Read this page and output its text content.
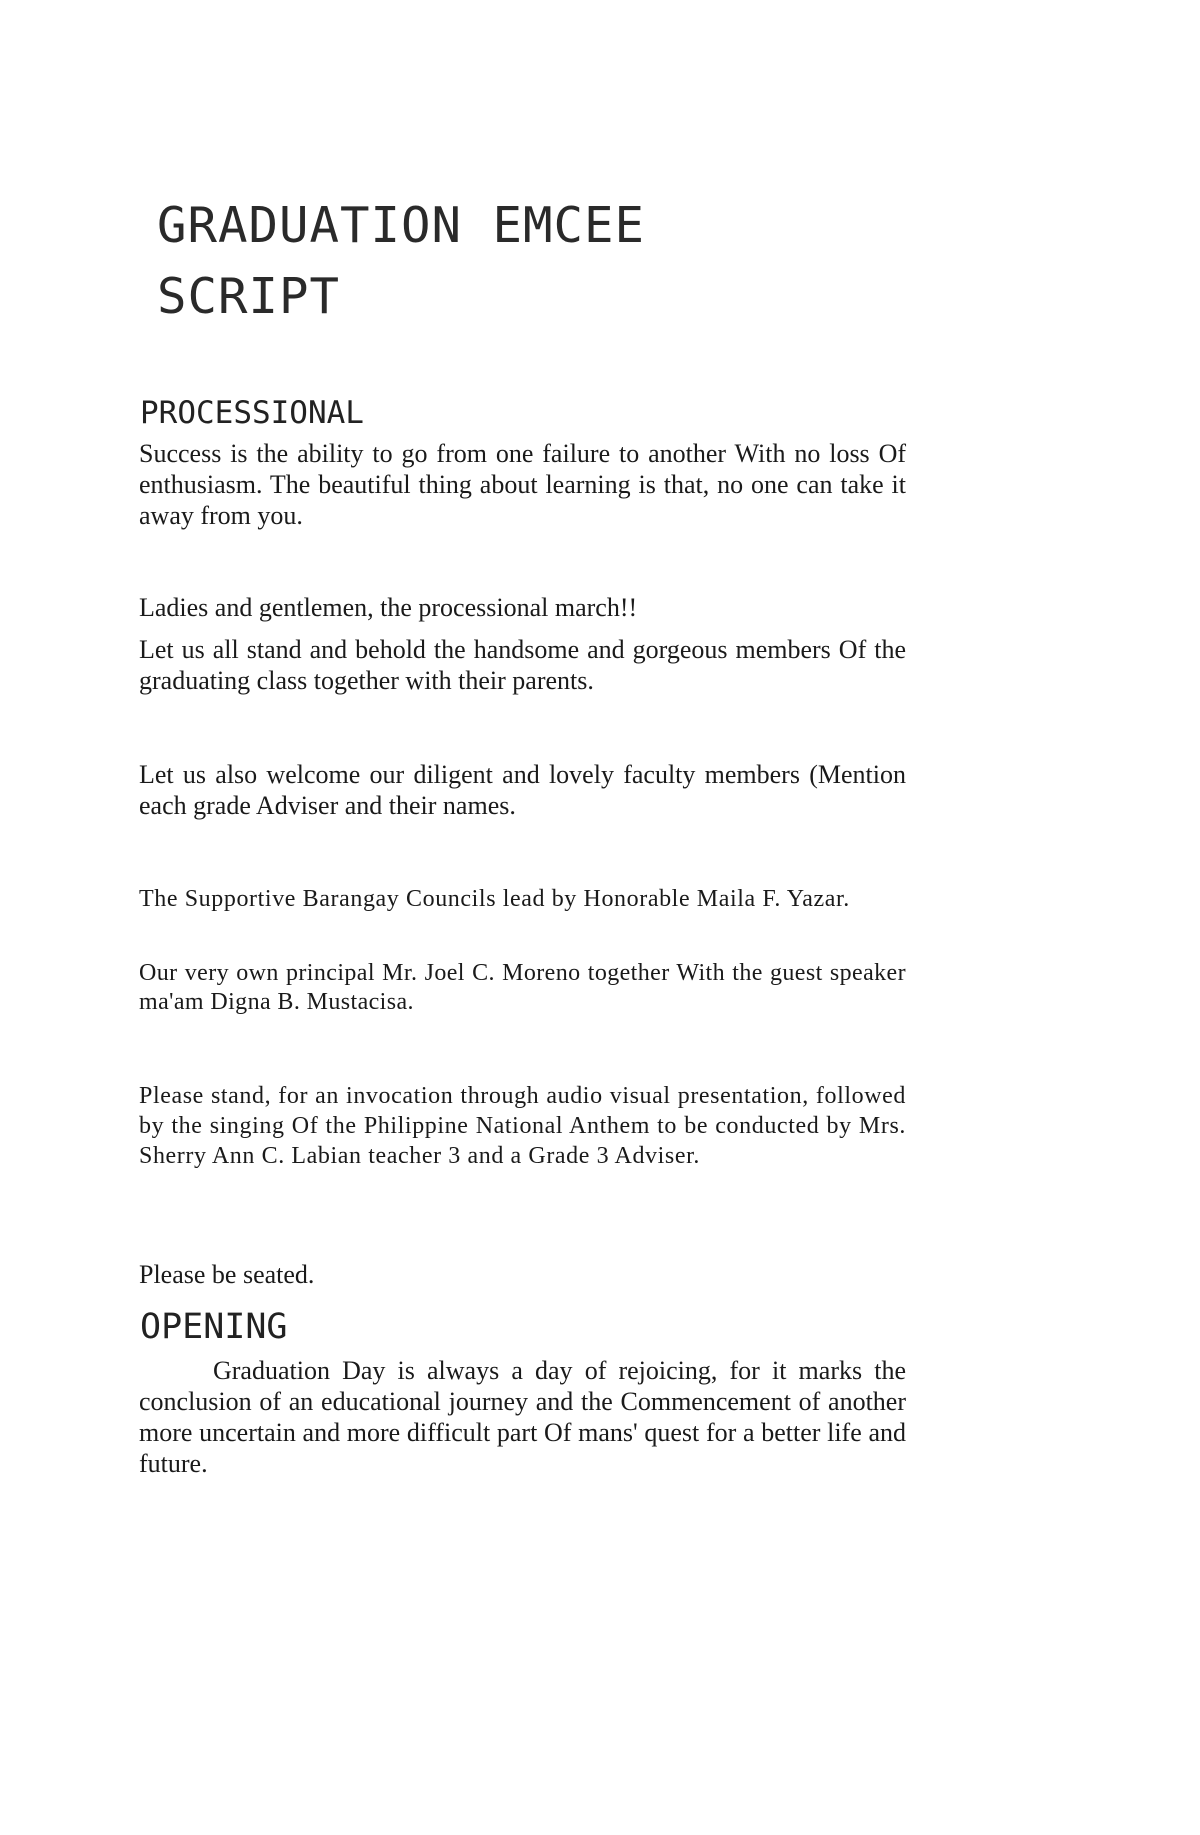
GRADUATION EMCEE
SCRIPT
PROCESSIONAL

Success is the ability to go from one failure to another With no loss Of enthusiasm. The beautiful thing about learning is that, no one can take it away from you.

Ladies and gentlemen, the processional march!!

Let us all stand and behold the handsome and gorgeous members Of the graduating class together with their parents.

Let us also welcome our diligent and lovely faculty members (Mention each grade Adviser and their names.

The Supportive Barangay Councils lead by Honorable Maila F. Yazar.

Our very own principal Mr. Joel C. Moreno together With the guest speaker ma'am Digna B. Mustacisa.

Please stand, for an invocation through audio visual presentation, followed by the singing Of the Philippine National Anthem to be conducted by Mrs. Sherry Ann C. Labian teacher 3 and a Grade 3 Adviser.

Please be seated.

OPENING

Graduation Day is always a day of rejoicing, for it marks the conclusion of an educational journey and the Commencement of another more uncertain and more difficult part Of mans' quest for a better life and future.
